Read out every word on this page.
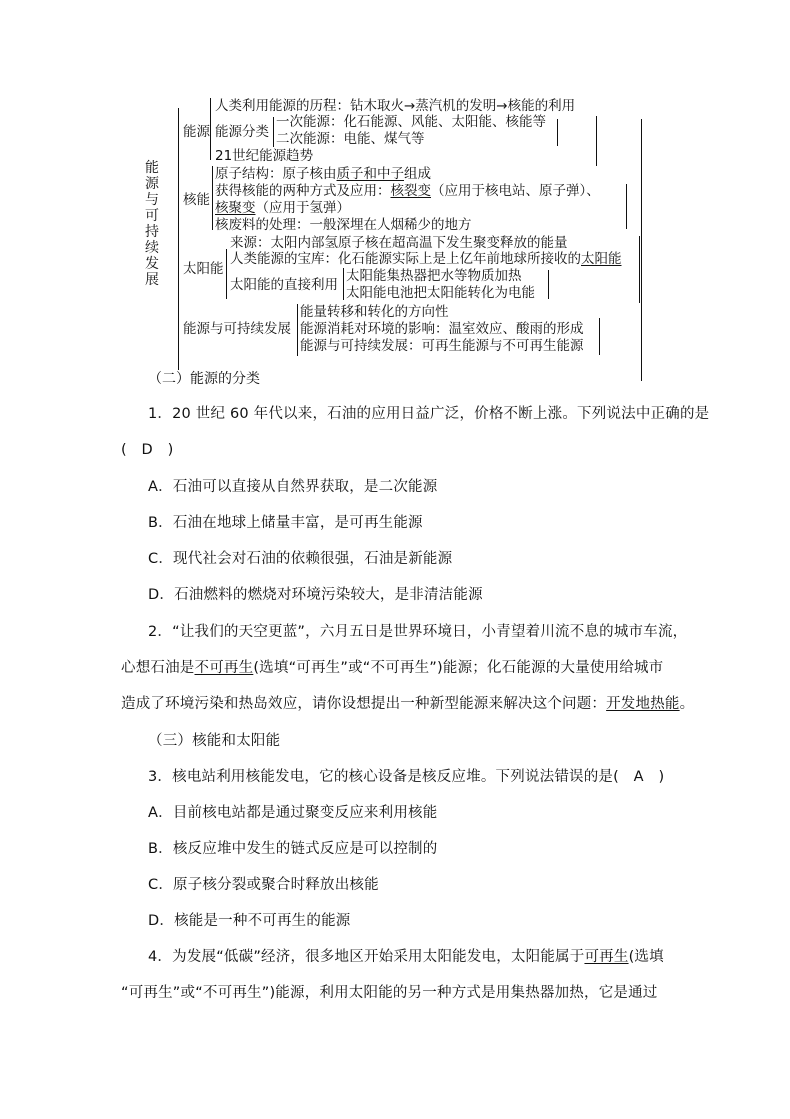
能
源
与
可
持
续
发
展
能源
人类利用能源的历程：钻木取火→蒸汽机的发明→核能的利用
能源分类
一次能源：化石能源、风能、太阳能、核能等
二次能源：电能、煤气等
21世纪能源趋势
核能
原子结构：原子核由质子和中子组成
获得核能的两种方式及应用：核裂变（应用于核电站、原子弹）、
核聚变（应用于氢弹）
核废料的处理：一般深埋在人烟稀少的地方
太阳能
来源：太阳内部氢原子核在超高温下发生聚变释放的能量
人类能源的宝库：化石能源实际上是上亿年前地球所接收的太阳能
太阳能的直接利用
太阳能集热器把水等物质加热
太阳能电池把太阳能转化为电能
能源与可持续发展
能量转移和转化的方向性
能源消耗对环境的影响：温室效应、酸雨的形成
能源与可持续发展：可再生能源与不可再生能源
（二）能源的分类
1．20 世纪 60 年代以来，石油的应用日益广泛，价格不断上涨。下列说法中正确的是
(　D　)
A．石油可以直接从自然界获取，是二次能源
B．石油在地球上储量丰富，是可再生能源
C．现代社会对石油的依赖很强，石油是新能源
D．石油燃料的燃烧对环境污染较大，是非清洁能源
2．“让我们的天空更蓝”，六月五日是世界环境日，小青望着川流不息的城市车流，
心想石油是不可再生(选填“可再生”或“不可再生”)能源；化石能源的大量使用给城市
造成了环境污染和热岛效应，请你设想提出一种新型能源来解决这个问题：开发地热能。
（三）核能和太阳能
3．核电站利用核能发电，它的核心设备是核反应堆。下列说法错误的是(　A　)
A．目前核电站都是通过聚变反应来利用核能
B．核反应堆中发生的链式反应是可以控制的
C．原子核分裂或聚合时释放出核能
D．核能是一种不可再生的能源
4．为发展“低碳”经济，很多地区开始采用太阳能发电，太阳能属于可再生(选填
“可再生”或“不可再生”)能源，利用太阳能的另一种方式是用集热器加热，它是通过
